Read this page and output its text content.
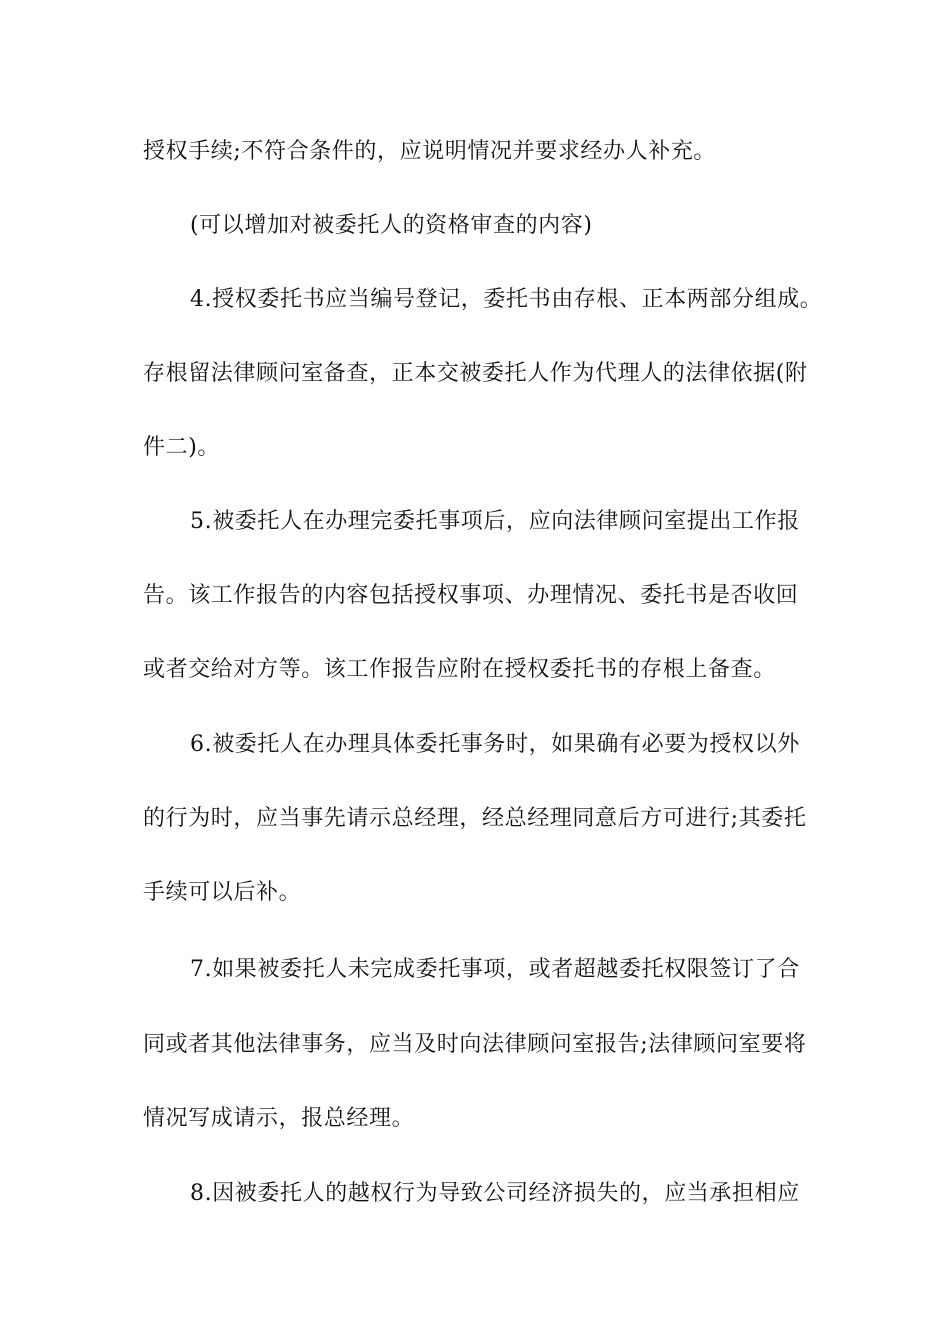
授权手续;不符合条件的，应说明情况并要求经办人补充。
(可以增加对被委托人的资格审查的内容)
4.授权委托书应当编号登记，委托书由存根、正本两部分组成。
存根留法律顾问室备查，正本交被委托人作为代理人的法律依据(附
件二)。
5.被委托人在办理完委托事项后，应向法律顾问室提出工作报
告。该工作报告的内容包括授权事项、办理情况、委托书是否收回
或者交给对方等。该工作报告应附在授权委托书的存根上备查。
6.被委托人在办理具体委托事务时，如果确有必要为授权以外
的行为时，应当事先请示总经理，经总经理同意后方可进行;其委托
手续可以后补。
7.如果被委托人未完成委托事项，或者超越委托权限签订了合
同或者其他法律事务，应当及时向法律顾问室报告;法律顾问室要将
情况写成请示，报总经理。
8.因被委托人的越权行为导致公司经济损失的，应当承担相应
